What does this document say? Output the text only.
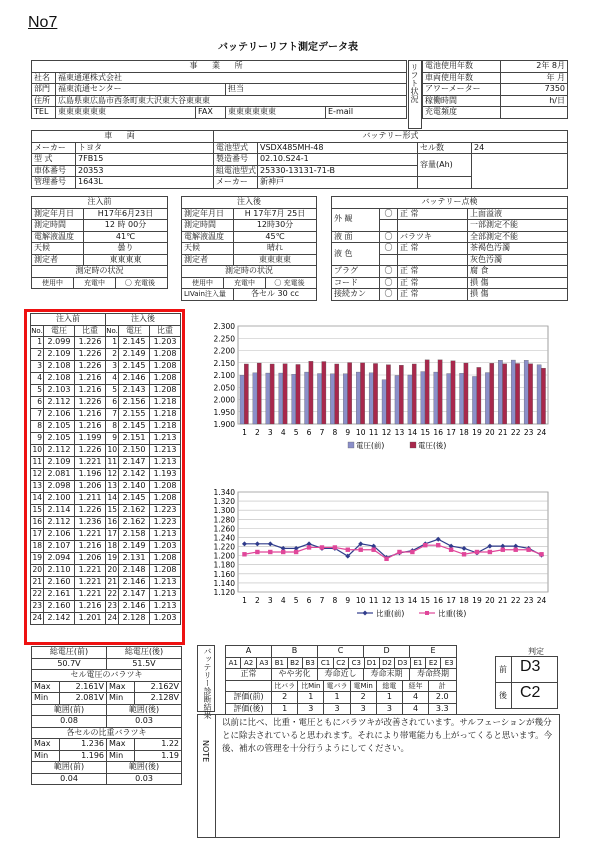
No7
バッテリーリフト測定データ表
事 業 所				
社名	福東通運株式会社			
部門	福東流通センター		担当	
住所	広島県東広島市西条町東大沢東大谷東東東			
TEL	東東東東東東	FAX	東東東東東東	E-mail
リフト状況 電池使用年数	2年 8月
車両使用年数	年 月
アワーメーター	7350
稼働時間	h/日
充電頻度	
車 両	
メーカー	トヨタ
型 式	7FB15
車体番号	20353
管理番号	1643L
バッテリー形式			
電池型式	VSDX485MH-48	セル数	24
製造番号	02.10.S24-1	容量(Ah)	
組電池型式	25330-13131-71-B		
メーカー	新神戸		
注入前	
測定年月日	H17年6月23日
測定時間	12 時 00分
電解液温度	41℃
天候	曇り
測定者	東東東東
測定時の状況	
使用中 充電中 〇 充電後	
注入後	
測定年月日	H 17年7月 25日
測定時間	12時30分
電解液温度	45℃
天候	晴れ
測定者	東東東東
測定時の状況	
使用中 充電中 〇 充電後	
LIVain注入量	各セル 30 cc
バッテリー点検			
外 観	〇	正 常	上面溢液
			一部測定不能
液 面	〇	バラツキ	全部測定不能
液 色	〇	正 常	茶褐色汚濁
			灰色汚濁
プラグ	〇	正 常	腐 食
コード	〇	正 常	損 傷
接続カン	〇	正 常	損 傷
注入前			注入後		
No.	電圧	比重	No.	電圧	比重
1	2.099	1.226	1	2.145	1.203
2	2.109	1.226	2	2.149	1.208
3	2.108	1.226	3	2.145	1.208
4	2.108	1.216	4	2.146	1.208
5	2.103	1.216	5	2.143	1.208
6	2.112	1.226	6	2.156	1.218
7	2.106	1.216	7	2.155	1.218
8	2.105	1.216	8	2.145	1.218
9	2.105	1.199	9	2.151	1.213
10	2.112	1.226	10	2.150	1.213
11	2.109	1.221	11	2.147	1.213
12	2.081	1.196	12	2.142	1.193
13	2.098	1.206	13	2.140	1.208
14	2.100	1.211	14	2.145	1.208
15	2.114	1.226	15	2.162	1.223
16	2.112	1.236	16	2.162	1.223
17	2.106	1.221	17	2.158	1.213
18	2.107	1.216	18	2.149	1.203
19	2.094	1.206	19	2.131	1.208
20	2.110	1.221	20	2.148	1.208
21	2.160	1.221	21	2.146	1.213
22	2.161	1.221	22	2.147	1.213
23	2.160	1.216	23	2.146	1.213
24	2.142	1.201	24	2.128	1.203
総電圧(前)		総電圧(後)	
50.7V		51.5V	
セル電圧のバラツキ			
Max	2.161V	Max	2.162V
Min	2.081V	Min	2.128V
範囲(前)		範囲(後)	
0.08		0.03	
各セルの比重バラツキ			
Max	1.236	Max	1.22
Min	1.196	Min	1.19
範囲(前)		範囲(後)	
0.04		0.03	
2.300
2.250
2.200
2.150
2.100
2.050
2.000
1.950
1.900
1 2 3 4 5 6 7 8 9 10 11 12 13 14 15 16 17 18 19 20 21 22 23 24
電圧(前)	電圧(後)
1.340
1.320
1.300
1.280
1.260
1.240
1.220
1.200
1.180
1.160
1.140
1.120
1 2 3 4 5 6 7 8 9 10 11 12 13 14 15 16 17 18 19 20 21 22 23 24
比重(前)	比重(後)
バッテリー診断結果	A	B	C	D	E
A1 A2 A3 B1 B2 B3 C1 C2 C3 D1 D2 D3 E1 E2 E3				
正常	やや劣化	寿命近し	寿命末期	寿命終期
	比バラ 比Min 電バラ 電Min 総電 経年 計			
評価(前)	2 1 1 2 1 4 2.0			
評価(後)	1 3 3 3 3 4 3.3			
判定
前 D3
後 C2
NOTE
以前に比べ、比重・電圧ともにバラツキが改善されています。サルフェーションが幾分とに除去されていると思われます。それにより帯電能力も上がってくると思います。今後、補水の管理を十分行うようにしてください。
